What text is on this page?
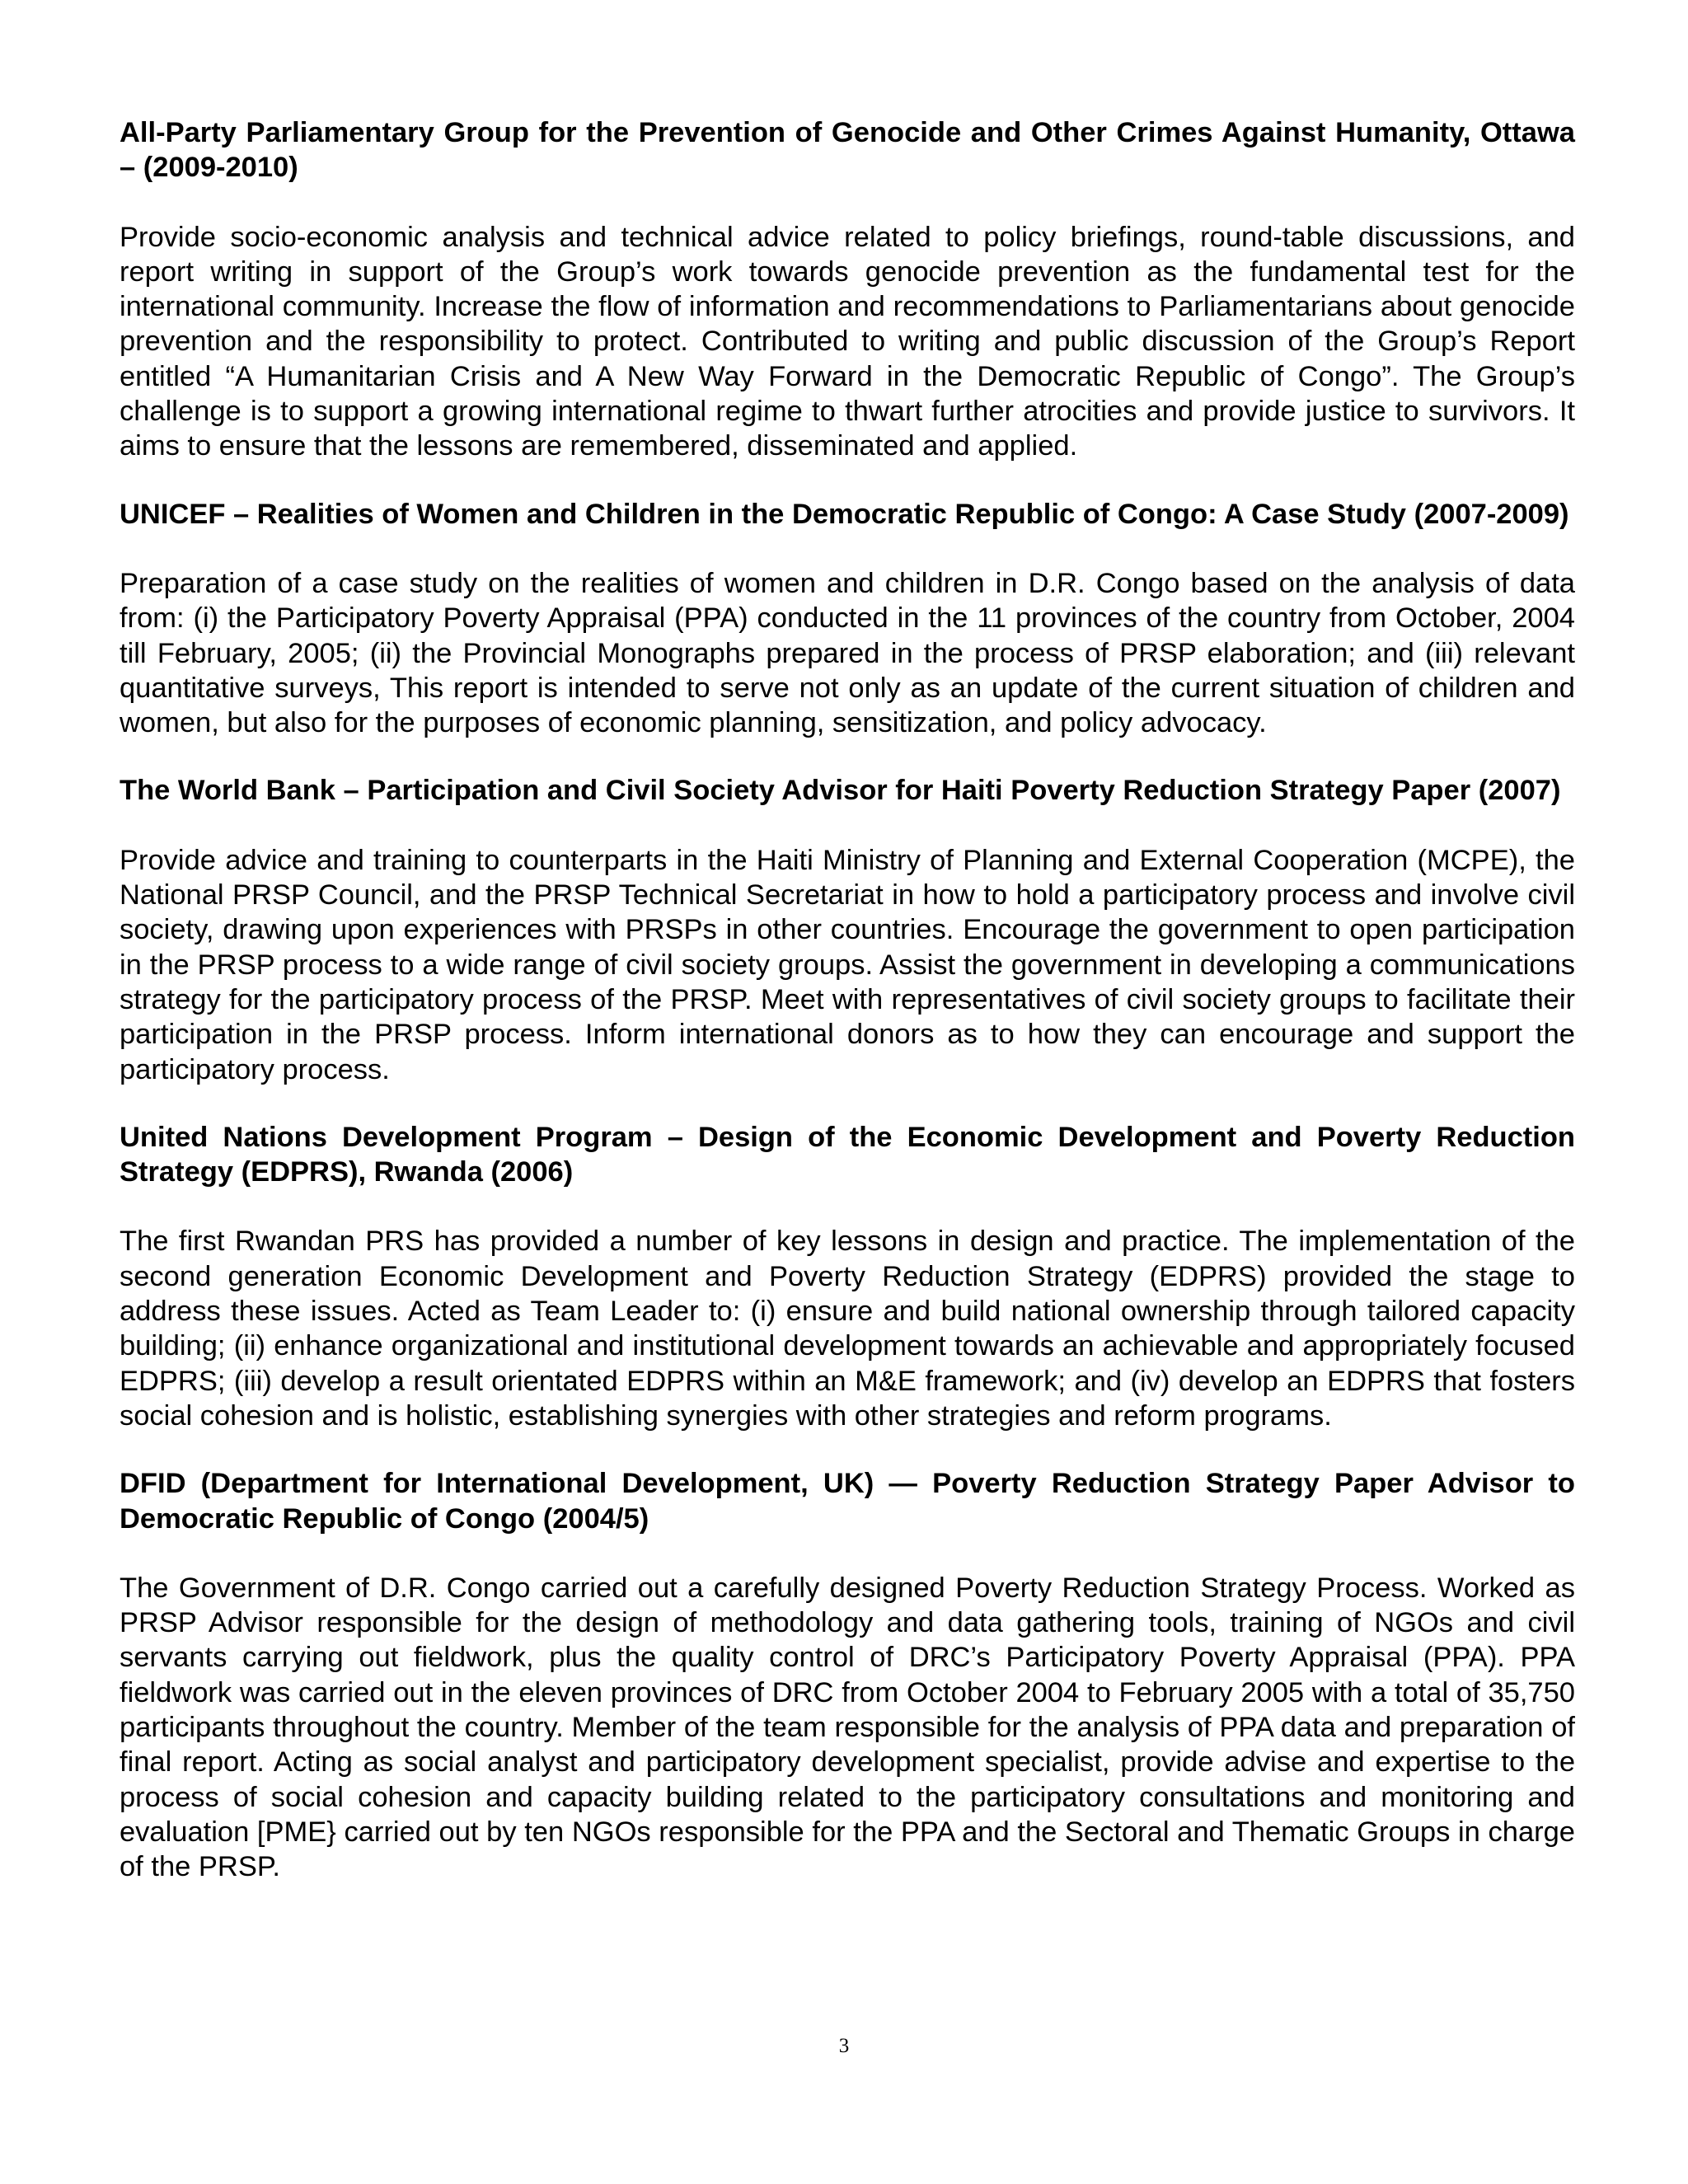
All-Party Parliamentary Group for the Prevention of Genocide and Other Crimes Against Humanity, Ottawa – (2009-2010)

Provide socio-economic analysis and technical advice related to policy briefings, round-table discussions, and report writing in support of the Group’s work towards genocide prevention as the fundamental test for the international community. Increase the flow of information and recommendations to Parliamentarians about genocide prevention and the responsibility to protect. Contributed to writing and public discussion of the Group’s Report entitled “A Humanitarian Crisis and A New Way Forward in the Democratic Republic of Congo”. The Group’s challenge is to support a growing international regime to thwart further atrocities and provide justice to survivors. It aims to ensure that the lessons are remembered, disseminated and applied.

UNICEF – Realities of Women and Children in the Democratic Republic of Congo: A Case Study (2007-2009)

Preparation of a case study on the realities of women and children in D.R. Congo based on the analysis of data from: (i) the Participatory Poverty Appraisal (PPA) conducted in the 11 provinces of the country from October, 2004 till February, 2005; (ii) the Provincial Monographs prepared in the process of PRSP elaboration; and (iii) relevant quantitative surveys, This report is intended to serve not only as an update of the current situation of children and women, but also for the purposes of economic planning, sensitization, and policy advocacy.

The World Bank – Participation and Civil Society Advisor for Haiti Poverty Reduction Strategy Paper (2007)

Provide advice and training to counterparts in the Haiti Ministry of Planning and External Cooperation (MCPE), the National PRSP Council, and the PRSP Technical Secretariat in how to hold a participatory process and involve civil society, drawing upon experiences with PRSPs in other countries. Encourage the government to open participation in the PRSP process to a wide range of civil society groups. Assist the government in developing a communications strategy for the participatory process of the PRSP. Meet with representatives of civil society groups to facilitate their participation in the PRSP process. Inform international donors as to how they can encourage and support the participatory process.

United Nations Development Program – Design of the Economic Development and Poverty Reduction Strategy (EDPRS), Rwanda (2006)

The first Rwandan PRS has provided a number of key lessons in design and practice. The implementation of the second generation Economic Development and Poverty Reduction Strategy (EDPRS) provided the stage to address these issues. Acted as Team Leader to: (i) ensure and build national ownership through tailored capacity building; (ii) enhance organizational and institutional development towards an achievable and appropriately focused EDPRS; (iii) develop a result orientated EDPRS within an M&E framework; and (iv) develop an EDPRS that fosters social cohesion and is holistic, establishing synergies with other strategies and reform programs.

DFID (Department for International Development, UK) — Poverty Reduction Strategy Paper Advisor to Democratic Republic of Congo (2004/5)

The Government of D.R. Congo carried out a carefully designed Poverty Reduction Strategy Process. Worked as PRSP Advisor responsible for the design of methodology and data gathering tools, training of NGOs and civil servants carrying out fieldwork, plus the quality control of DRC’s Participatory Poverty Appraisal (PPA). PPA fieldwork was carried out in the eleven provinces of DRC from October 2004 to February 2005 with a total of 35,750 participants throughout the country. Member of the team responsible for the analysis of PPA data and preparation of final report. Acting as social analyst and participatory development specialist, provide advise and expertise to the process of social cohesion and capacity building related to the participatory consultations and monitoring and evaluation [PME} carried out by ten NGOs responsible for the PPA and the Sectoral and Thematic Groups in charge of the PRSP.

3
